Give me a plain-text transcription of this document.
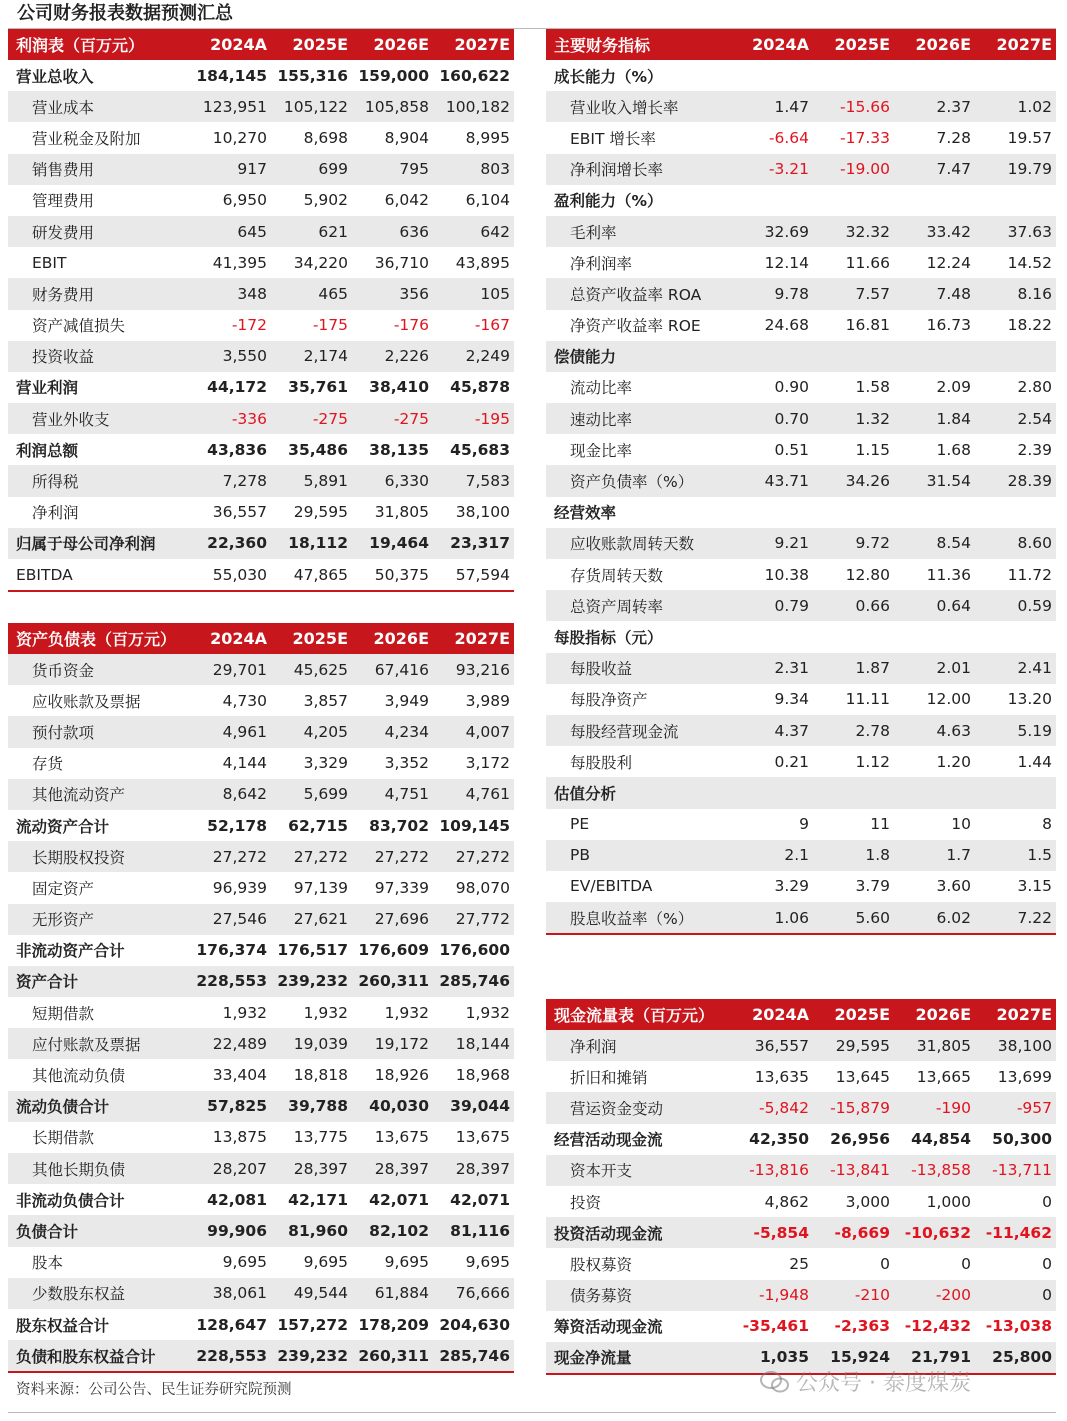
公司财务报表数据预测汇总
利润表（百万元）	2024A	2025E	2026E	2027E
营业总收入	184,145 155,316 159,000 160,622
营业成本	123,951	105,122	105,858	100,182
营业税金及附加	10,270	8,698	8,904	8,995
销售费用	917	699	795	803
管理费用	6,950	5,902	6,042	6,104
研发费用	645	621	636	642
EBIT	41,395	34,220	36,710	43,895
财务费用	348	465	356	105
资产减值损失	-172	-175	-176	-167
投资收益	3,550	2,174	2,226	2,249
营业利润	44,172	35,761	38,410	45,878
营业外收支	-336	-275	-275	-195
利润总额	43,836	35,486	38,135	45,683
所得税	7,278	5,891	6,330	7,583
净利润	36,557	29,595	31,805	38,100
归属于母公司净利润	22,360	18,112	19,464	23,317
EBITDA	55,030	47,865	50,375	57,594
资产负债表（百万元）	2024A	2025E	2026E	2027E
货币资金	29,701	45,625	67,416	93,216
应收账款及票据	4,730	3,857	3,949	3,989
预付款项	4,961	4,205	4,234	4,007
存货	4,144	3,329	3,352	3,172
其他流动资产	8,642	5,699	4,751	4,761
流动资产合计	52,178	62,715	83,702 109,145
长期股权投资	27,272	27,272	27,272	27,272
固定资产	96,939	97,139	97,339	98,070
无形资产	27,546	27,621	27,696	27,772
非流动资产合计	176,374 176,517 176,609 176,600
资产合计	228,553 239,232 260,311 285,746
短期借款	1,932	1,932	1,932	1,932
应付账款及票据	22,489	19,039	19,172	18,144
其他流动负债	33,404	18,818	18,926	18,968
流动负债合计	57,825	39,788	40,030	39,044
长期借款	13,875	13,775	13,675	13,675
其他长期负债	28,207	28,397	28,397	28,397
非流动负债合计	42,081	42,171	42,071	42,071
负债合计	99,906	81,960	82,102	81,116
股本	9,695	9,695	9,695	9,695
少数股东权益	38,061	49,544	61,884	76,666
股东权益合计	128,647 157,272 178,209 204,630
负债和股东权益合计	228,553 239,232 260,311 285,746
主要财务指标	2024A	2025E	2026E	2027E
成长能力（%）
营业收入增长率	1.47	-15.66	2.37	1.02
EBIT 增长率	-6.64	-17.33	7.28	19.57
净利润增长率	-3.21	-19.00	7.47	19.79
盈利能力（%）
毛利率	32.69	32.32	33.42	37.63
净利润率	12.14	11.66	12.24	14.52
总资产收益率 ROA	9.78	7.57	7.48	8.16
净资产收益率 ROE	24.68	16.81	16.73	18.22
偿债能力
流动比率	0.90	1.58	2.09	2.80
速动比率	0.70	1.32	1.84	2.54
现金比率	0.51	1.15	1.68	2.39
资产负债率（%）	43.71	34.26	31.54	28.39
经营效率
应收账款周转天数	9.21	9.72	8.54	8.60
存货周转天数	10.38	12.80	11.36	11.72
总资产周转率	0.79	0.66	0.64	0.59
每股指标（元）
每股收益	2.31	1.87	2.01	2.41
每股净资产	9.34	11.11	12.00	13.20
每股经营现金流	4.37	2.78	4.63	5.19
每股股利	0.21	1.12	1.20	1.44
估值分析
PE	9	11	10	8
PB	2.1	1.8	1.7	1.5
EV/EBITDA	3.29	3.79	3.60	3.15
股息收益率（%）	1.06	5.60	6.02	7.22
现金流量表（百万元）	2024A	2025E	2026E	2027E
净利润	36,557	29,595	31,805	38,100
折旧和摊销	13,635	13,645	13,665	13,699
营运资金变动	-5,842	-15,879	-190	-957
经营活动现金流	42,350	26,956	44,854	50,300
资本开支	-13,816	-13,841	-13,858	-13,711
投资	4,862	3,000	1,000	0
投资活动现金流	-5,854	-8,669 -10,632 -11,462
股权募资	25	0	0	0
债务募资	-1,948	-210	-200	0
筹资活动现金流	-35,461	-2,363 -12,432 -13,038
现金净流量	1,035	15,924	21,791	25,800
资料来源：公司公告、民生证券研究院预测	公众号 · 泰度煤炭
